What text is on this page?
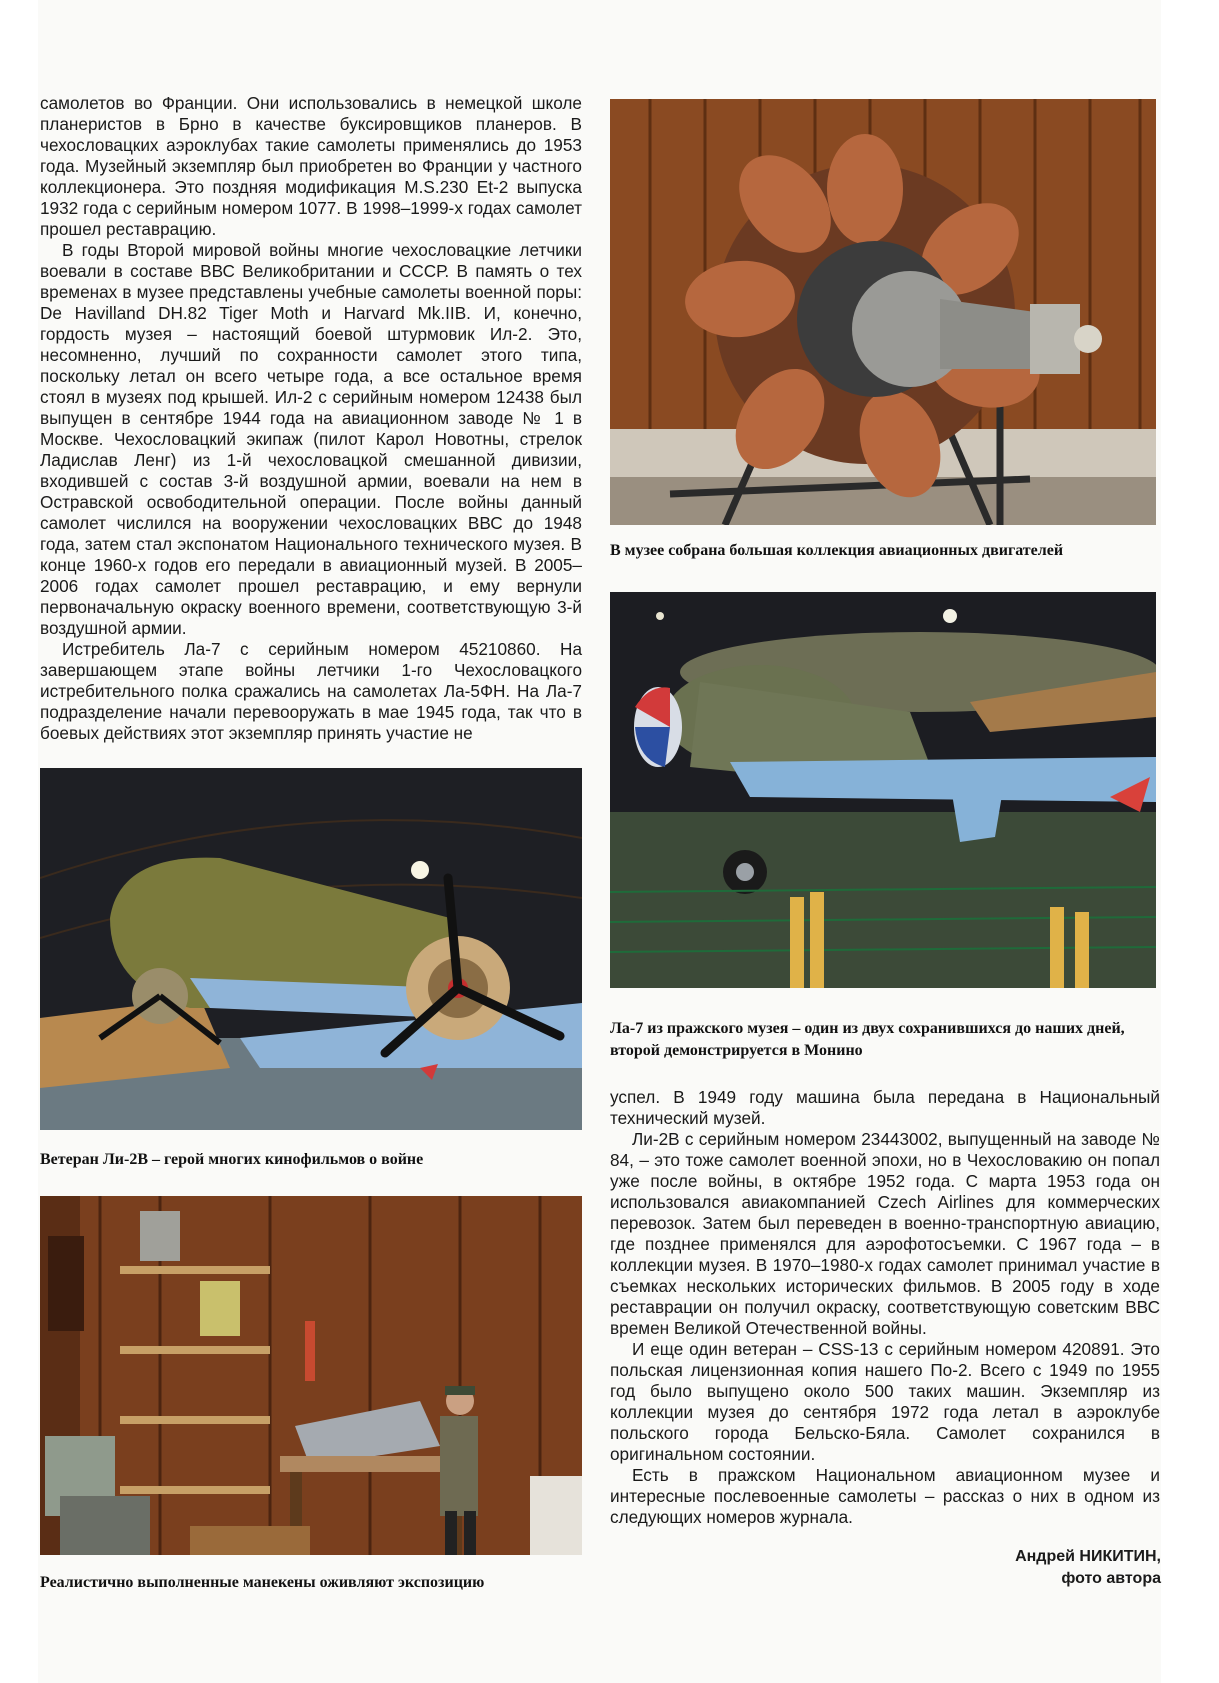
самолетов во Франции. Они использовались в немецкой школе планеристов в Брно в качестве буксировщиков планеров. В чехословацких аэроклубах такие самолеты применялись до 1953 года. Музейный экземпляр был приобретен во Франции у частного коллекционера. Это поздняя модификация M.S.230 Et-2 выпуска 1932 года с серийным номером 1077. В 1998–1999-х годах самолет прошел реставрацию.

В годы Второй мировой войны многие чехословацкие летчики воевали в составе ВВС Великобритании и СССР. В память о тех временах в музее представлены учебные самолеты военной поры: De Havilland DH.82 Tiger Moth и Harvard Mk.IIB. И, конечно, гордость музея – настоящий боевой штурмовик Ил-2. Это, несомненно, лучший по сохранности самолет этого типа, поскольку летал он всего четыре года, а все остальное время стоял в музеях под крышей. Ил-2 с серийным номером 12438 был выпущен в сентябре 1944 года на авиационном заводе № 1 в Москве. Чехословацкий экипаж (пилот Карол Новотны, стрелок Ладислав Ленг) из 1-й чехословацкой смешанной дивизии, входившей с состав 3-й воздушной армии, воевали на нем в Остравской освободительной операции. После войны данный самолет числился на вооружении чехословацких ВВС до 1948 года, затем стал экспонатом Национального технического музея. В конце 1960-х годов его передали в авиационный музей. В 2005–2006 годах самолет прошел реставрацию, и ему вернули первоначальную окраску военного времени, соответствующую 3-й воздушной армии.

Истребитель Ла-7 с серийным номером 45210860. На завершающем этапе войны летчики 1-го Чехословацкого истребительного полка сражались на самолетах Ла-5ФН. На Ла-7 подразделение начали перевооружать в мае 1945 года, так что в боевых действиях этот экземпляр принять участие не

В музее собрана большая коллекция авиационных двигателей
Ла-7 из пражского музея – один из двух сохранившихся до наших дней, второй демонстрируется в Монино
Ветеран Ли-2В – герой многих кинофильмов о войне
Реалистично выполненные манекены оживляют экспозицию

успел. В 1949 году машина была передана в Национальный технический музей.

Ли-2В с серийным номером 23443002, выпущенный на заводе № 84, – это тоже самолет военной эпохи, но в Чехословакию он попал уже после войны, в октябре 1952 года. С марта 1953 года он использовался авиакомпанией Czech Airlines для коммерческих перевозок. Затем был переведен в военно-транспортную авиацию, где позднее применялся для аэрофотосъемки. С 1967 года – в коллекции музея. В 1970–1980-х годах самолет принимал участие в съемках нескольких исторических фильмов. В 2005 году в ходе реставрации он получил окраску, соответствующую советским ВВС времен Великой Отечественной войны.

И еще один ветеран – CSS-13 с серийным номером 420891. Это польская лицензионная копия нашего По-2. Всего с 1949 по 1955 год было выпущено около 500 таких машин. Экземпляр из коллекции музея до сентября 1972 года летал в аэроклубе польского города Бельско-Бяла. Самолет сохранился в оригинальном состоянии.

Есть в пражском Национальном авиационном музее и интересные послевоенные самолеты – рассказ о них в одном из следующих номеров журнала.

Андрей НИКИТИН,
фото автора
